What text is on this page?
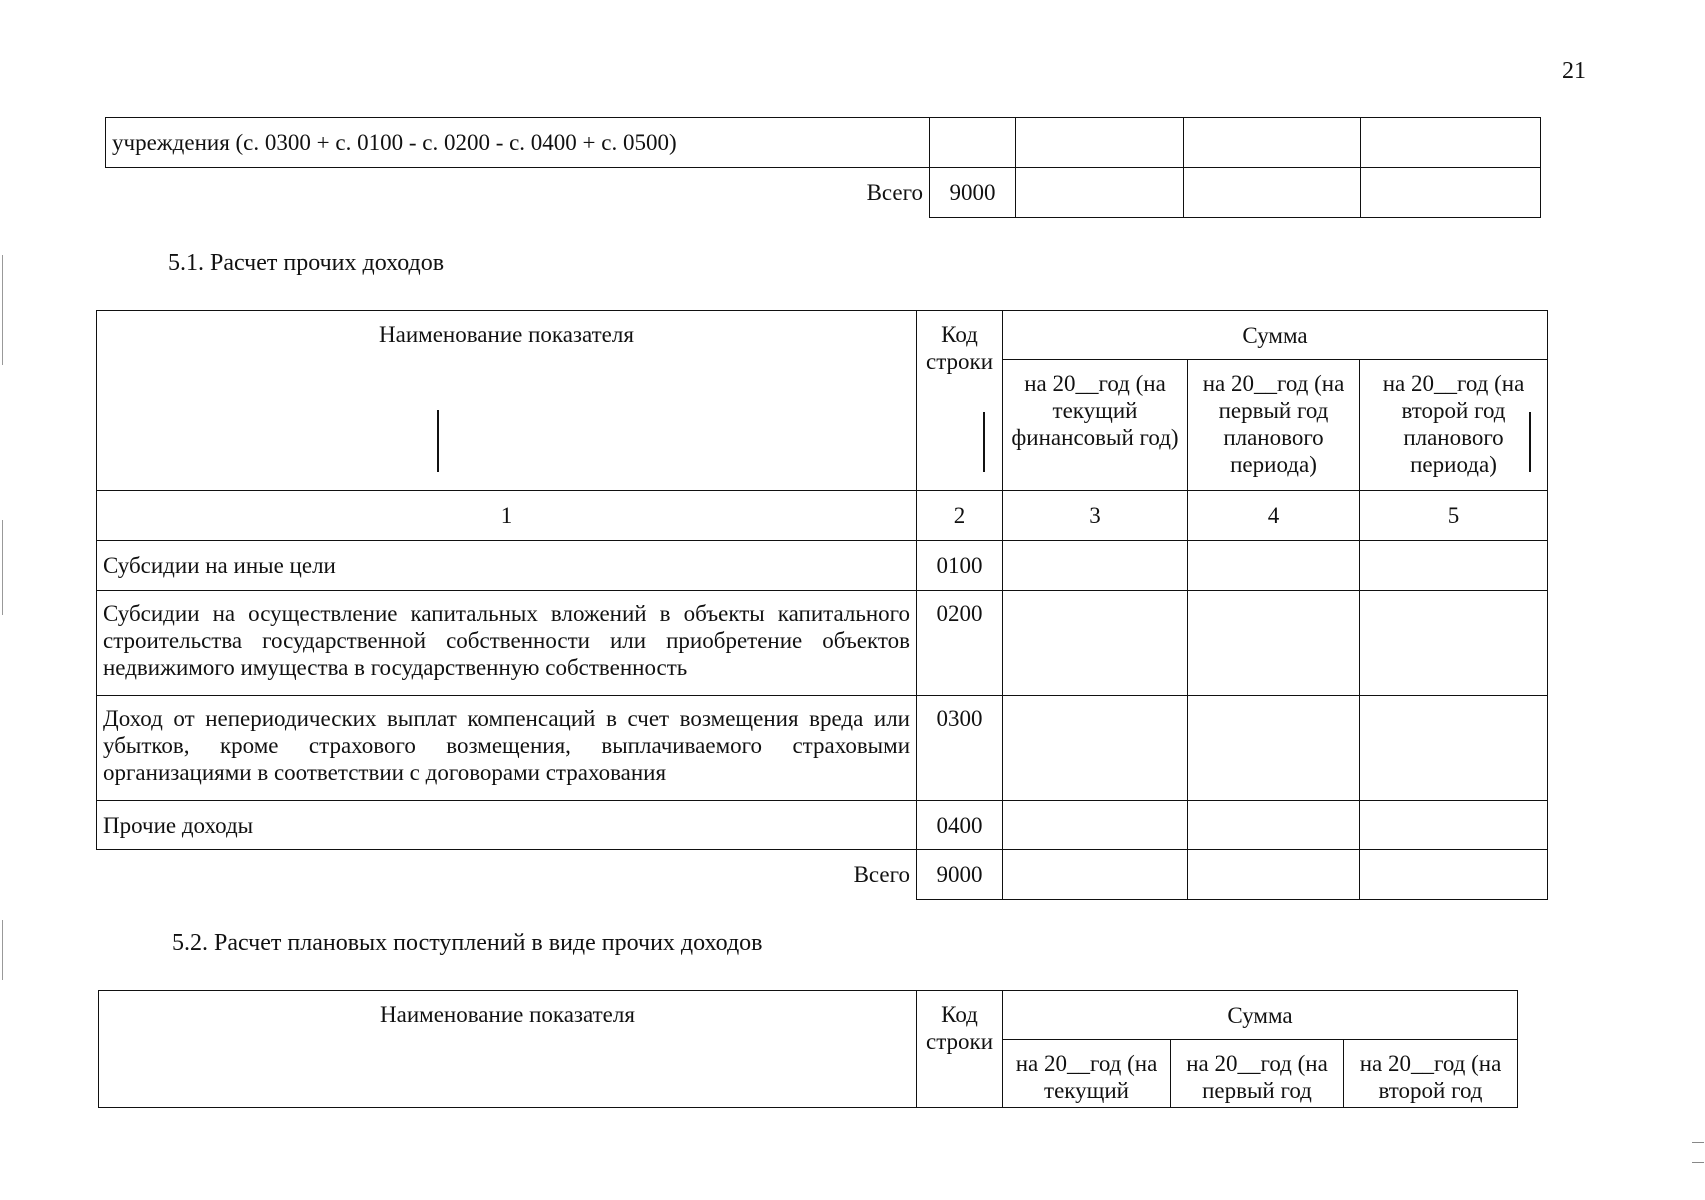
21
учреждения (с. 0300 + с. 0100 - с. 0200 - с. 0400 + с. 0500)				
Всего	9000			
5.1. Расчет прочих доходов
Наименование показателя	Код строки	Сумма		
		на 20__год (на текущий финансовый год)	на 20__год (на первый год планового периода)	на 20__год (на второй год планового периода)
1	2	3	4	5
Субсидии на иные цели	0100			
Субсидии на осуществление капитальных вложений в объекты капитального строительства государственной собственности или приобретение объектов недвижимого имущества в государственную собственность	0200			
Доход от непериодических выплат компенсаций в счет возмещения вреда или убытков, кроме страхового возмещения, выплачиваемого страховыми организациями в соответствии с договорами страхования	0300			
Прочие доходы	0400			
Всего	9000			
5.2. Расчет плановых поступлений в виде прочих доходов
Наименование показателя	Код строки	Сумма		
		на 20__год (на текущий	на 20__год (на первый год	на 20__год (на второй год
